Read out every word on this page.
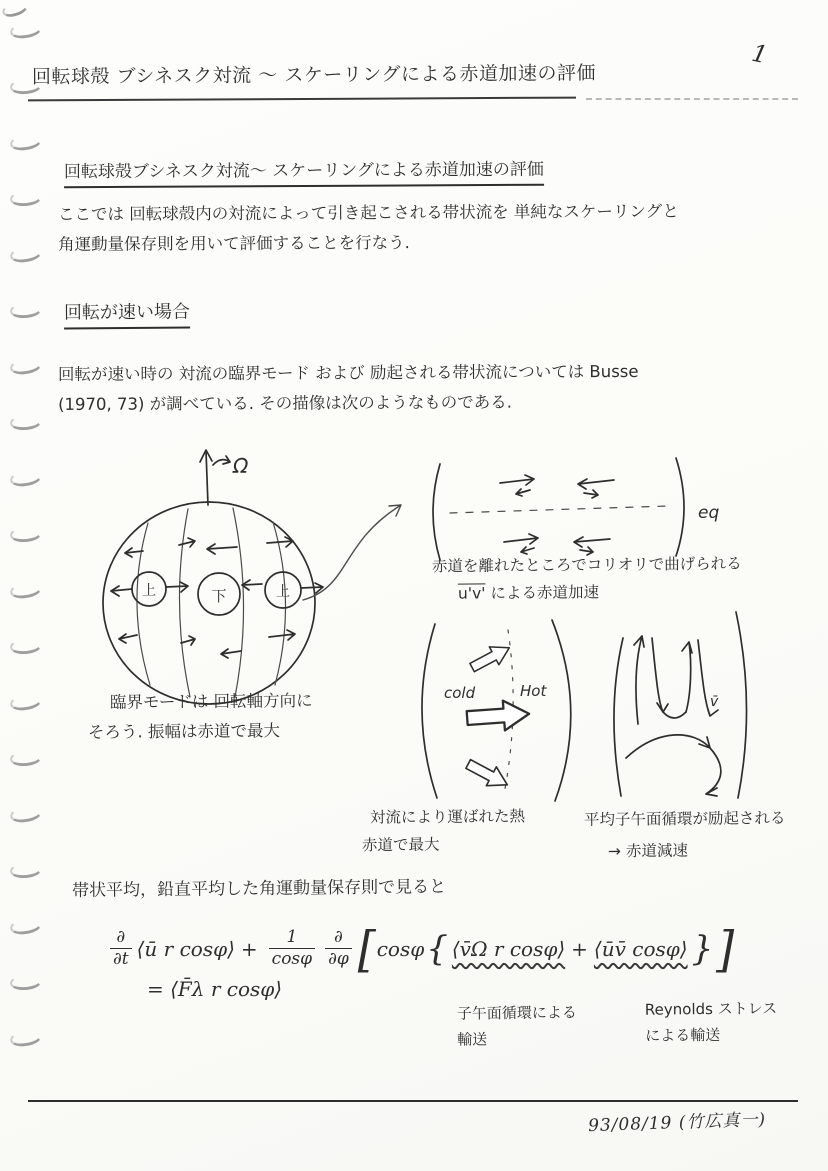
1
回転球殻 ブシネスク対流 〜 スケーリングによる赤道加速の評価
回転球殻ブシネスク対流〜 スケーリングによる赤道加速の評価
ここでは 回転球殻内の対流によって引き起こされる帯状流を 単純なスケーリングと
角運動量保存則を用いて評価することを行なう.
回転が速い場合
回転が速い時の 対流の臨界モード および 励起される帯状流については Busse
(1970, 73) が調べている. その描像は次のようなものである.
Ω
上	下	上
臨界モードは 回転軸方向に
そろう. 振幅は赤道で最大
eq
赤道を離れたところでコリオリで曲げられる
u'v' による赤道加速
cold	Hot
対流により運ばれた熱
赤道で最大
v̄
平均子午面循環が励起される
→ 赤道減速
帯状平均，鉛直平均した角運動量保存則で見ると
$\frac{\partial}{\partial t}$ ⟨ū r cosφ⟩ + $\frac{1}{\cos\varphi} \frac{\partial}{\partial\varphi}$ [ cosφ { ⟨v̄Ω r cosφ⟩ + ⟨ūv̄ cosφ⟩ } ]
= ⟨F̄λ r cosφ⟩
子午面循環による
輸送
Reynolds ストレス
による輸送
93/08/19 (竹広真一)
